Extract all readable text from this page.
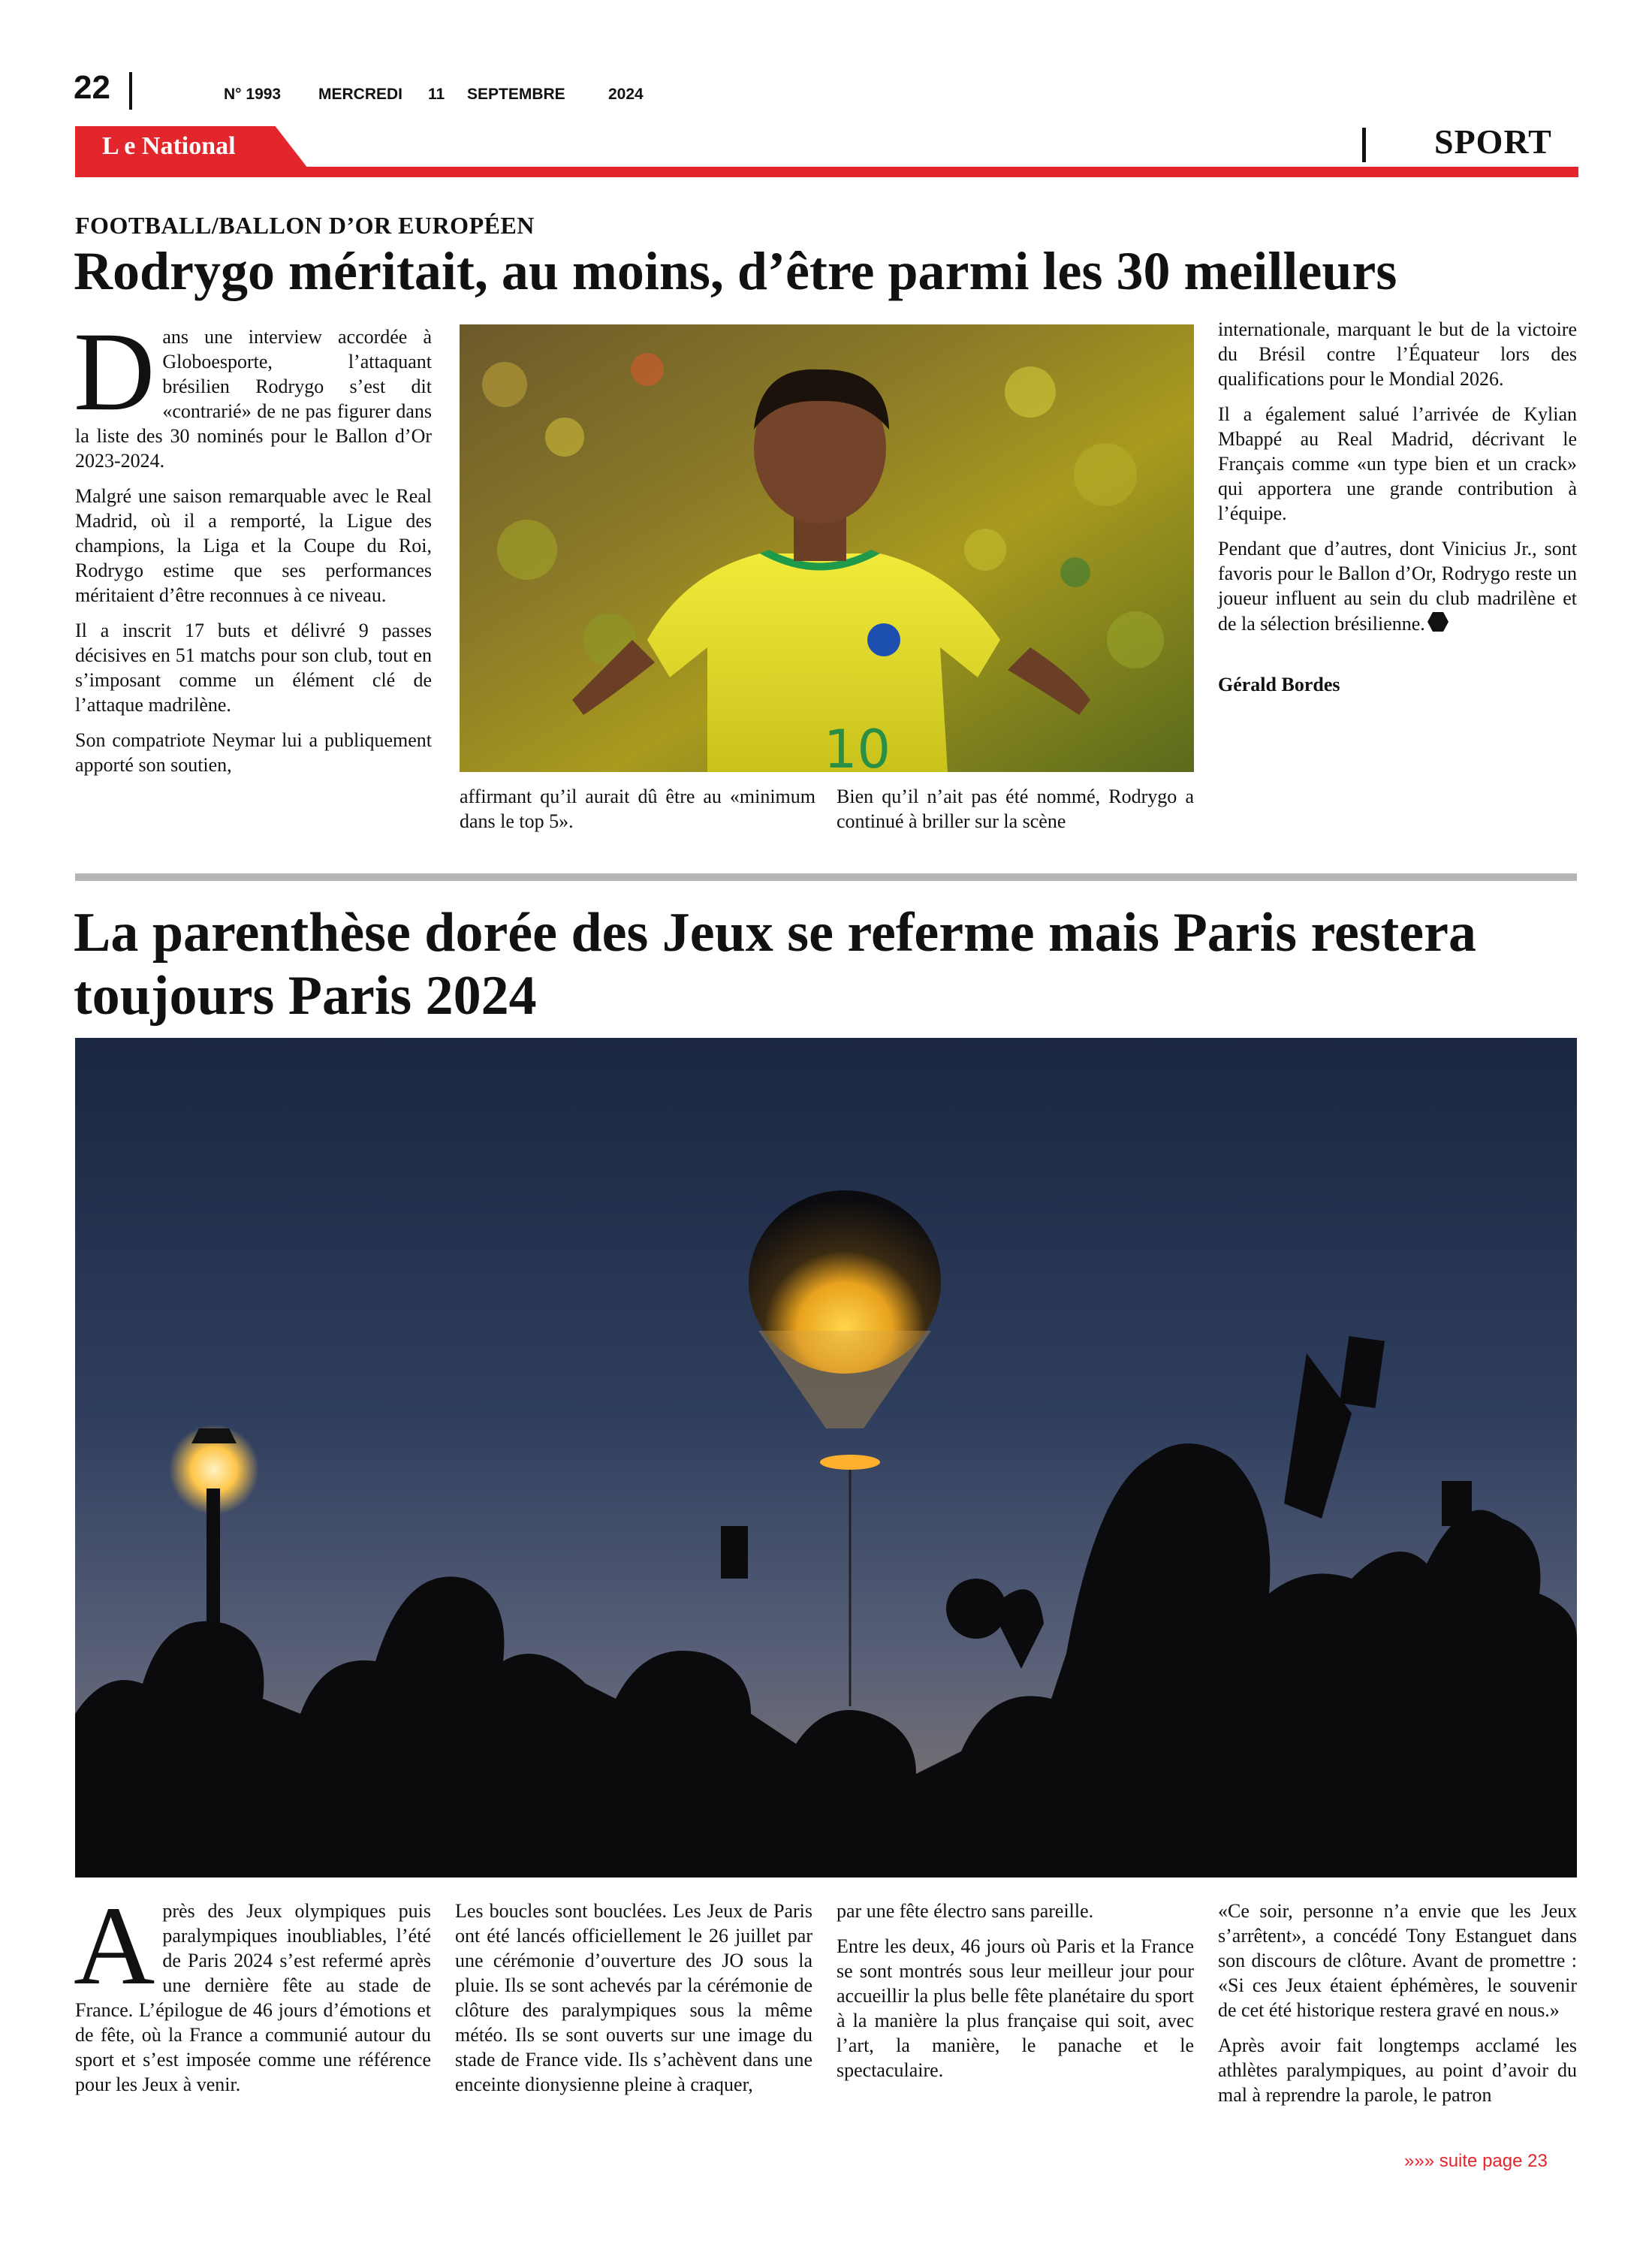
22	N° 1993 MERCREDI 11 SEPTEMBRE	2024
L e National	SPORT
FOOTBALL/BALLON D’OR EUROPÉEN
Rodrygo méritait, au moins, d’être parmi les 30 meilleurs

Dans une interview accordée à Globoesporte, l’attaquant brésilien Rodrygo s’est dit «contrarié» de ne pas figurer dans la liste des 30 nominés pour le Ballon d’Or 2023-2024.

Malgré une saison remarquable avec le Real Madrid, où il a remporté, la Ligue des champions, la Liga et la Coupe du Roi, Rodrygo estime que ses performances méritaient d’être reconnues à ce niveau.

Il a inscrit 17 buts et délivré 9 passes décisives en 51 matchs pour son club, tout en s’imposant comme un élément clé de l’attaque madrilène.

Son compatriote Neymar lui a publiquement apporté son soutien,	10

affirmant qu’il aurait dû être au «minimum dans le top 5».

Bien qu’il n’ait pas été nommé, Rodrygo a continué à briller sur la scène

internationale, marquant le but de la victoire du Brésil contre l’Équateur lors des qualifications pour le Mondial 2026.

Il a également salué l’arrivée de Kylian Mbappé au Real Madrid, décrivant le Français comme «un type bien et un crack» qui apportera une grande contribution à l’équipe.

Pendant que d’autres, dont Vinicius Jr., sont favoris pour le Ballon d’Or, Rodrygo reste un joueur influent au sein du club madrilène et de la sélection brésilienne.

Gérald Bordes

La parenthèse dorée des Jeux se referme mais Paris restera toujours Paris 2024

Après des Jeux olympiques puis paralympiques inoubliables, l’été de Paris 2024 s’est refermé après une dernière fête au stade de France. L’épilogue de 46 jours d’émotions et de fête, où la France a communié autour du sport et s’est imposée comme une référence pour les Jeux à venir.

Les boucles sont bouclées. Les Jeux de Paris ont été lancés officiellement le 26 juillet par une cérémonie d’ouverture des JO sous la pluie. Ils se sont achevés par la cérémonie de clôture des paralympiques sous la même météo. Ils se sont ouverts sur une image du stade de France vide. Ils s’achèvent dans une enceinte dionysienne pleine à craquer,

par une fête électro sans pareille.

Entre les deux, 46 jours où Paris et la France se sont montrés sous leur meilleur jour pour accueillir la plus belle fête planétaire du sport à la manière la plus française qui soit, avec l’art, la manière, le panache et le spectaculaire.

«Ce soir, personne n’a envie que les Jeux s’arrêtent», a concédé Tony Estanguet dans son discours de clôture. Avant de promettre : «Si ces Jeux étaient éphémères, le souvenir de cet été historique restera gravé en nous.»

Après avoir fait longtemps acclamé les athlètes paralympiques, au point d’avoir du mal à reprendre la parole, le patron

»»» suite page 23
